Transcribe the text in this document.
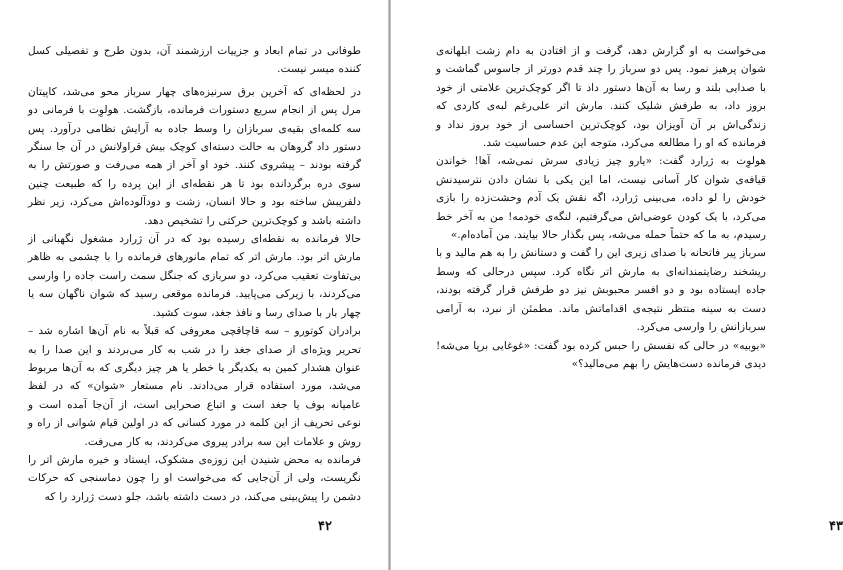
طوفانی در تمام ابعاد و جزییات ارزشمند آن، بدون طرح و تفصیلی کسل کننده میسر نیست.

در لحظه‌ای که آخرین برق سرنیزه‌های چهار سرباز محو می‌شد، کاپیتان مرل پس از انجام سریع دستورات فرمانده، بازگشت. هولوِت با فرمانی دو سه کلمه‌ای بقیه‌ی سربازان را وسط جاده به آرایش نظامی درآورد. پس دستور داد گروهان به حالت دسته‌ای کوچک بیش قراولانش در آن جا سنگر گرفته بودند – پیشروی کنند. خود او آخر از همه می‌رفت و صورتش را به سوی دره برگردانده بود تا هر نقطه‌ای از این پرده را که طبیعت چنین دلفریبش ساخته بود و حالا انسان، زشت و دودآلوده‌اش می‌کرد، زیر نظر داشته باشد و کوچک‌ترین حرکتی را تشخیص دهد.

حالا فرمانده به نقطه‌ای رسیده بود که در آن ژرارد مشغول نگهبانی از مارش اتر بود. مارش اتر که تمام مانورهای فرمانده را با چشمی به ظاهر بی‌تفاوت تعقیب می‌کرد، دو سربازی که جنگل سمت راست جاده را وارسی می‌کردند، با زیرکی می‌پایید. فرمانده موقعی رسید که شوان ناگهان سه یا چهار بار با صدای رسا و نافذ جغد، سوت کشید.

برادران کوتورو – سه قاچاقچی معروفی که قبلاً به نام آن‌ها اشاره شد – تحریر ویژه‌ای از صدای جغد را در شب به کار می‌بردند و این صدا را به عنوان هشدار کمین به یکدیگر یا خطر یا هر چیز دیگری که به آن‌ها مربوط می‌شد، مورد استفاده قرار می‌دادند. نام مستعار «شوان» که در لفظ عامیانه بوف یا جغد است و اتباع صحرایی است، از آن‌جا آمده است و نوعی تحریف از این کلمه در مورد کسانی که در اولین قیام شوانی از راه و روش و علامات این سه برادر پیروی می‌کردند، به کار می‌رفت.

فرمانده به محض شنیدن این زوزه‌ی مشکوک، ایستاد و خیره مارش اتر را نگریست، ولی از آن‌جایی که می‌خواست او را چون دماسنجی که حرکات دشمن را پیش‌بینی می‌کند، در دست داشته باشد، جلو دست ژرارد را که

۴۲

می‌خواست به او گزارش دهد، گرفت و از افتادن به دام زشت ابلهانه‌ی شوان پرهیز نمود. پس دو سرباز را چند قدم دورتر از جاسوس گماشت و با صدایی بلند و رسا به آن‌ها دستور داد تا اگر کوچک‌ترین علامتی از خود بروز داد، به طرفش شلیک کنند. مارش اتر علی‌رغم لبه‌ی کاردی که زندگی‌اش بر آن آویزان بود، کوچک‌ترین احساسی از خود بروز نداد و فرمانده که او را مطالعه می‌کرد، متوجه این عدم حساسیت شد.

هولوِت به ژرارد گفت: «یارو چیز زیادی سرش نمی‌شه، آها! خواندن قیافه‌ی شوان کار آسانی نیست، اما این یکی با نشان دادن نترسیدنش خودش را لو داده، می‌بینی ژرارد، اگه نقش یک آدم وحشت‌زده را بازی می‌کرد، با یک کودن عوضی‌اش می‌گرفتیم، لنگه‌ی خودمه! من به آخر خط رسیدم، به ما که حتماً حمله می‌شه، پس بگذار حالا بیایند. من آماده‌ام.»

سرباز پیر فاتحانه با صدای زیری این را گفت و دستانش را به هم مالید و با ریشخند رضایتمندانه‌ای به مارش اتر نگاه کرد. سپس درحالی که وسط جاده ایستاده بود و دو افسر محبوبش نیز دو طرفش قرار گرفته بودند، دست به سینه منتظر نتیجه‌ی اقداماتش ماند. مطمئن از نبرد، به آرامی سربازانش را وارسی می‌کرد.

«بوبیه» در حالی که نفسش را حبس کرده بود گفت: «غوغایی برپا می‌شه! دیدی فرمانده دست‌هایش را بهم می‌مالید؟»

۴۳
